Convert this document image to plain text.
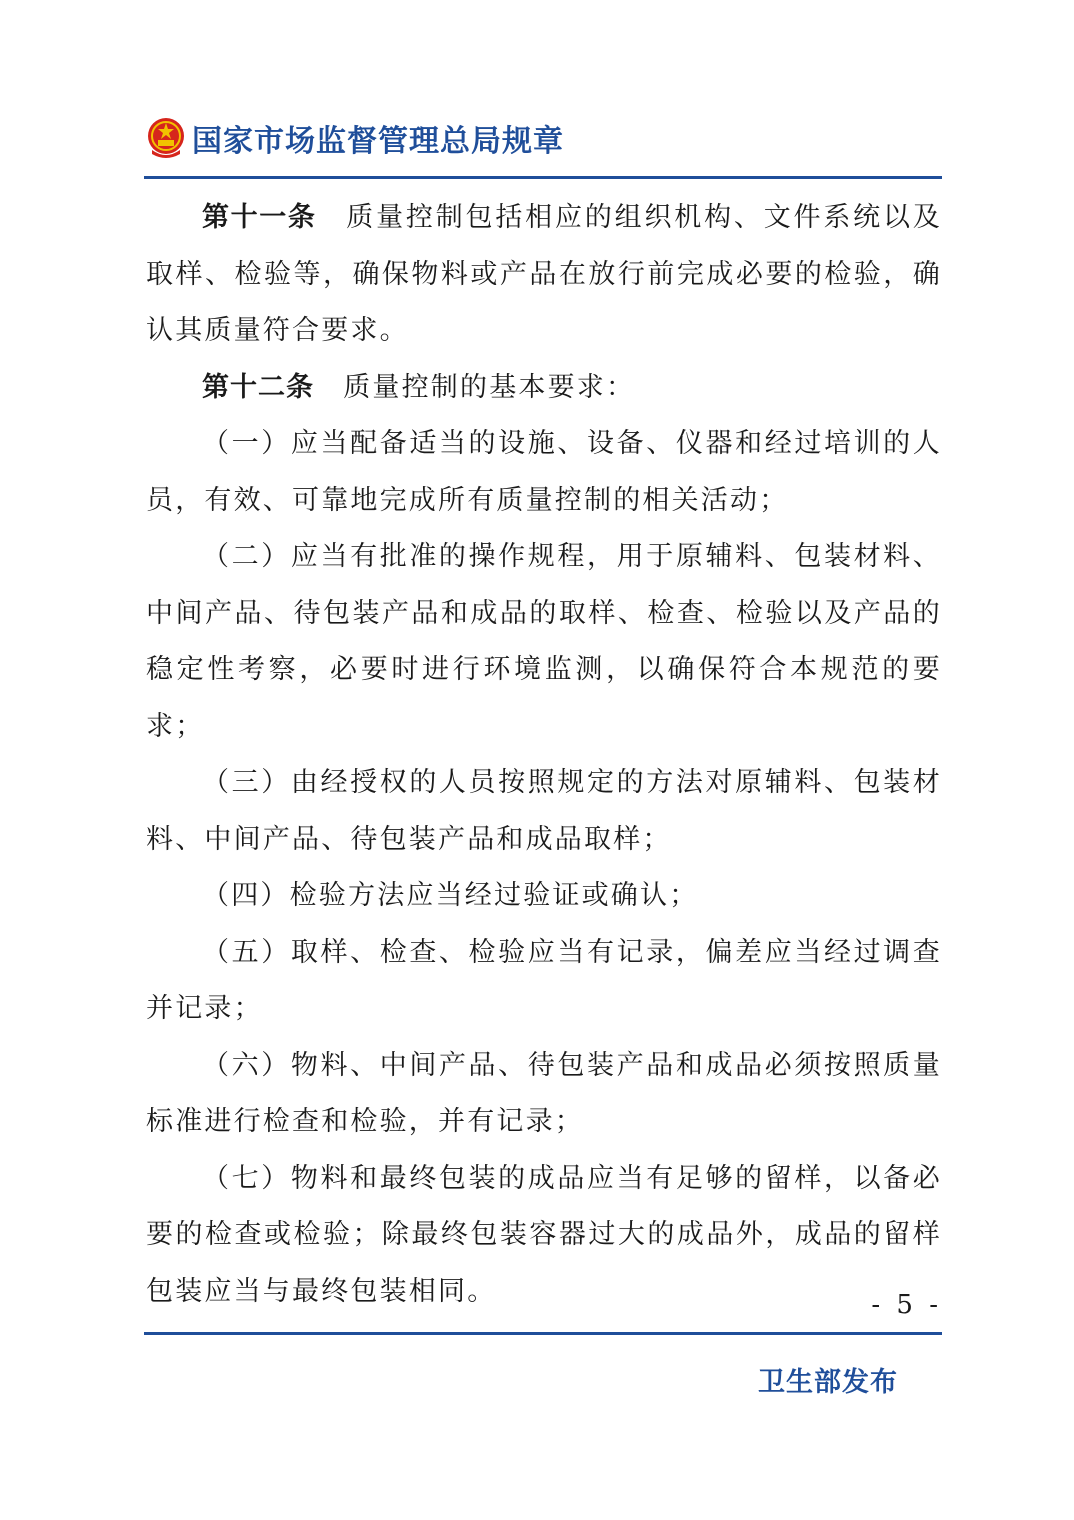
国家市场监督管理总局规章

第十一条　质量控制包括相应的组织机构、文件系统以及取样、检验等，确保物料或产品在放行前完成必要的检验，确认其质量符合要求。

第十二条　质量控制的基本要求：

（一）应当配备适当的设施、设备、仪器和经过培训的人员，有效、可靠地完成所有质量控制的相关活动；

（二）应当有批准的操作规程，用于原辅料、包装材料、中间产品、待包装产品和成品的取样、检查、检验以及产品的稳定性考察，必要时进行环境监测，以确保符合本规范的要求；

（三）由经授权的人员按照规定的方法对原辅料、包装材料、中间产品、待包装产品和成品取样；

（四）检验方法应当经过验证或确认；

（五）取样、检查、检验应当有记录，偏差应当经过调查并记录；

（六）物料、中间产品、待包装产品和成品必须按照质量标准进行检查和检验，并有记录；

（七）物料和最终包装的成品应当有足够的留样，以备必要的检查或检验；除最终包装容器过大的成品外，成品的留样包装应当与最终包装相同。	- 5 -
卫生部发布
